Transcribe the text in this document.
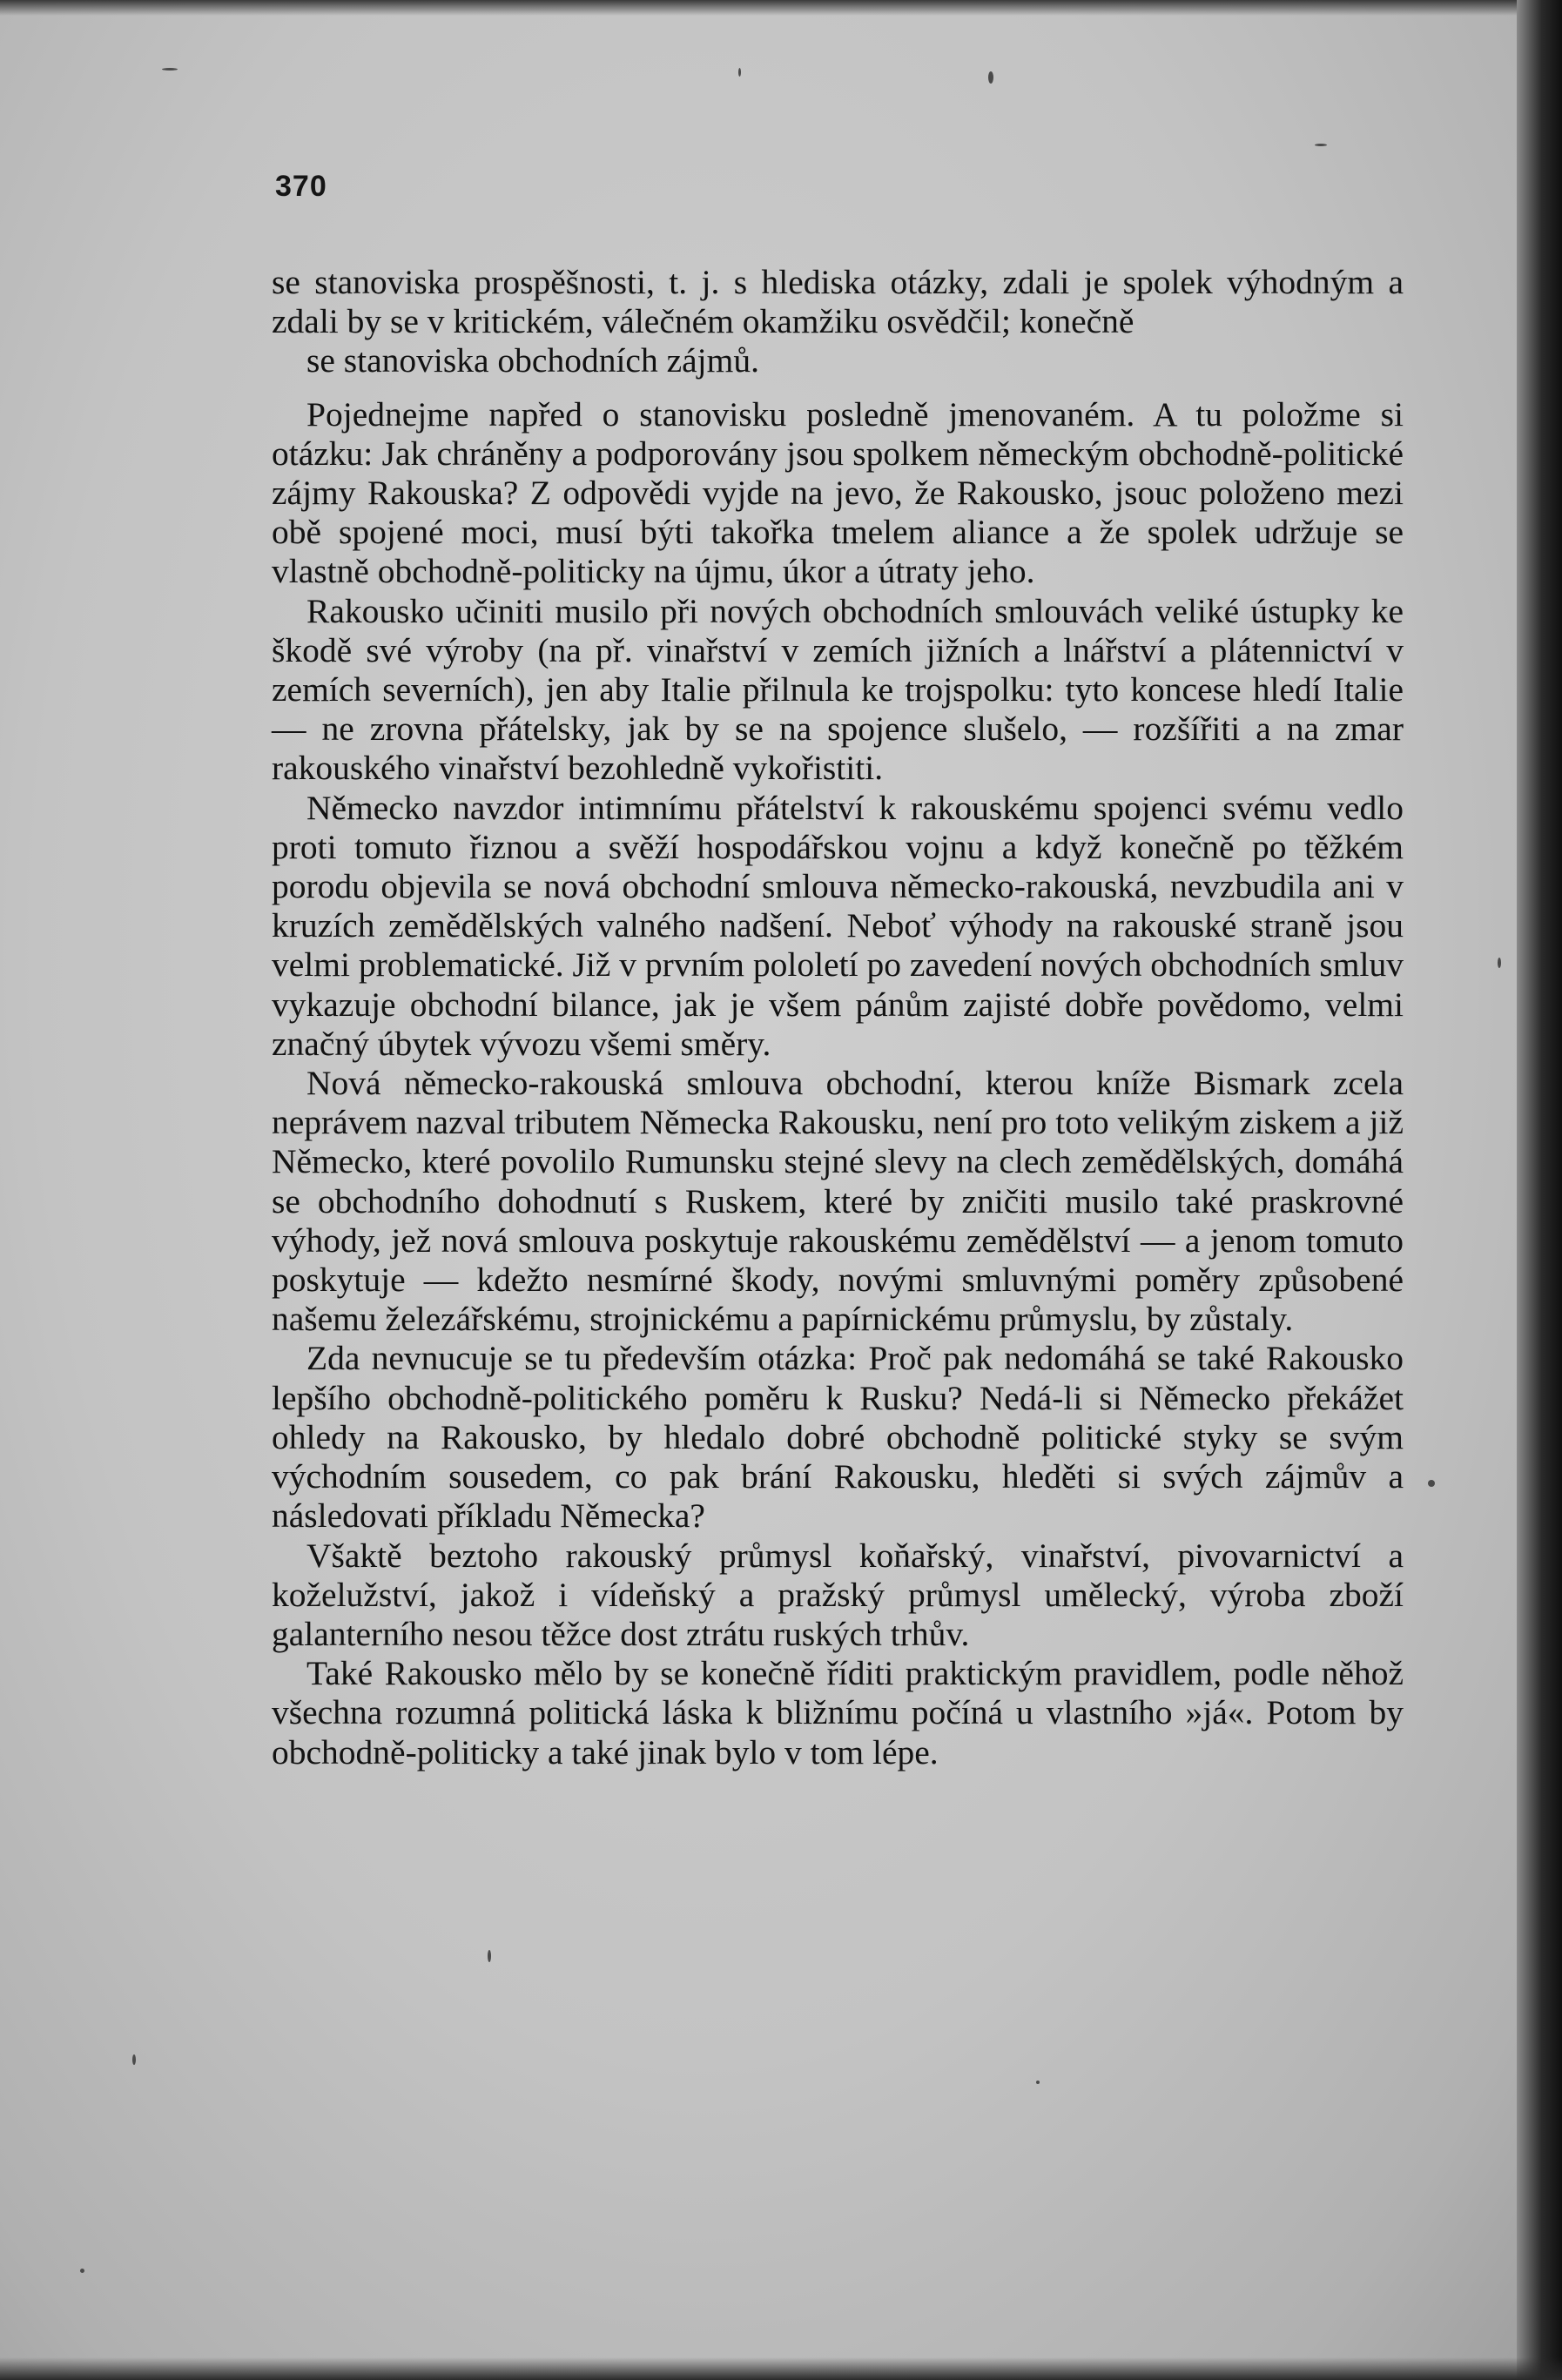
370

se stanoviska prospěšnosti, t. j. s hlediska otázky, zdali je spolek výhodným a zdali by se v kritickém, válečném okamžiku osvědčil; konečně

se stanoviska obchodních zájmů.

Pojednejme napřed o stanovisku posledně jmenovaném. A tu položme si otázku: Jak chráněny a podporovány jsou spolkem německým obchodně-politické zájmy Rakouska? Z odpovědi vyjde na jevo, že Rakousko, jsouc položeno mezi obě spojené moci, musí býti takořka tmelem aliance a že spolek udržuje se vlastně obchodně-politicky na újmu, úkor a útraty jeho.

Rakousko učiniti musilo při nových obchodních smlouvách veliké ústupky ke škodě své výroby (na př. vinařství v zemích jižních a lnářství a plátennictví v zemích severních), jen aby Italie přilnula ke trojspolku: tyto koncese hledí Italie — ne zrovna přátelsky, jak by se na spojence slušelo, — rozšířiti a na zmar rakouského vinařství bezohledně vykořistiti.

Německo navzdor intimnímu přátelství k rakouskému spojenci svému vedlo proti tomuto řiznou a svěží hospodářskou vojnu a když konečně po těžkém porodu objevila se nová obchodní smlouva německo-rakouská, nevzbudila ani v kruzích zemědělských valného nadšení. Neboť výhody na rakouské straně jsou velmi problematické. Již v prvním pololetí po zavedení nových obchodních smluv vykazuje obchodní bilance, jak je všem pánům zajisté dobře povědomo, velmi značný úbytek vývozu všemi směry.

Nová německo-rakouská smlouva obchodní, kterou kníže Bismark zcela neprávem nazval tributem Německa Rakousku, není pro toto velikým ziskem a již Německo, které povolilo Rumunsku stejné slevy na clech zemědělských, domáhá se obchodního dohodnutí s Ruskem, které by zničiti musilo také praskrovné výhody, jež nová smlouva poskytuje rakouskému zemědělství — a jenom tomuto poskytuje — kdežto nesmírné škody, novými smluvnými poměry způsobené našemu železářskému, strojnickému a papírnickému průmyslu, by zůstaly.

Zda nevnucuje se tu především otázka: Proč pak nedomáhá se také Rakousko lepšího obchodně-politického poměru k Rusku? Nedá-li si Německo překážet ohledy na Rakousko, by hledalo dobré obchodně politické styky se svým východním sousedem, co pak brání Rakousku, hleděti si svých zájmův a následovati příkladu Německa?

Všaktě beztoho rakouský průmysl koňařský, vinařství, pivovarnictví a koželužství, jakož i vídeňský a pražský průmysl umělecký, výroba zboží galanterního nesou těžce dost ztrátu ruských trhův.

Také Rakousko mělo by se konečně říditi praktickým pravidlem, podle něhož všechna rozumná politická láska k bližnímu počíná u vlastního »já«. Potom by obchodně-politicky a také jinak bylo v tom lépe.
